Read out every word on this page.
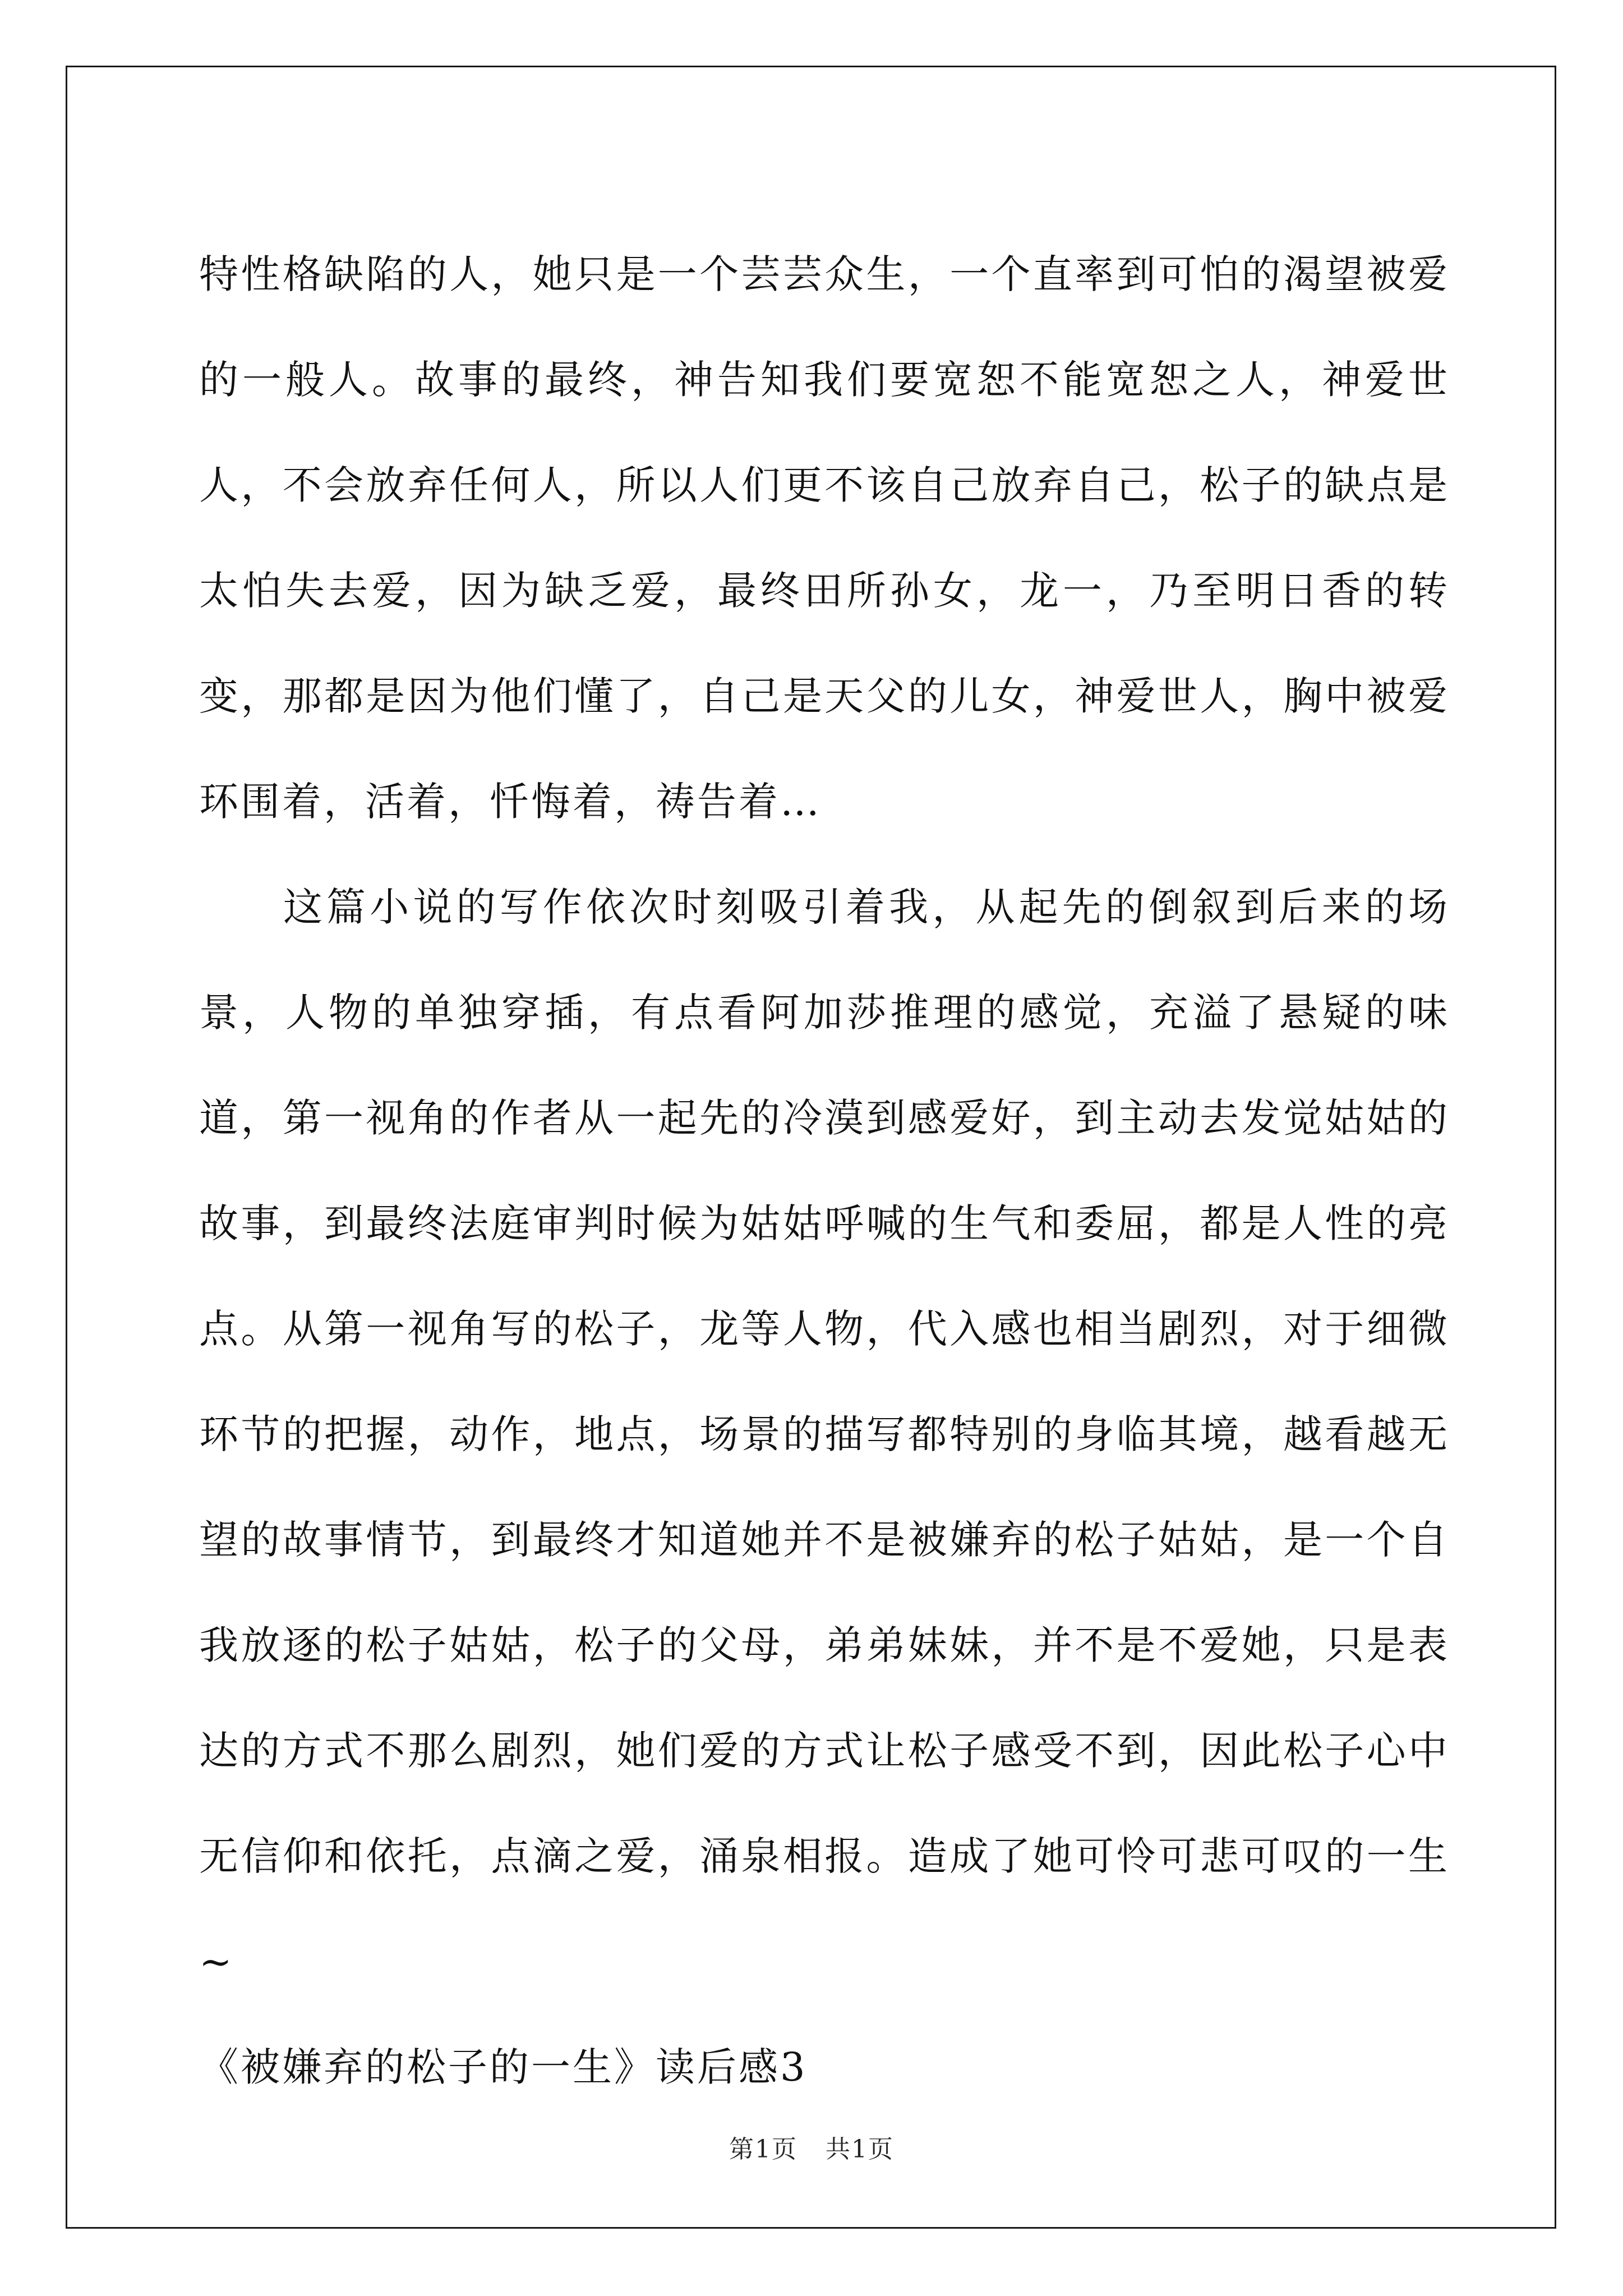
特性格缺陷的人，她只是一个芸芸众生，一个直率到可怕的渴望被爱的一般人。故事的最终，神告知我们要宽恕不能宽恕之人，神爱世人，不会放弃任何人，所以人们更不该自己放弃自己，松子的缺点是太怕失去爱，因为缺乏爱，最终田所孙女，龙一，乃至明日香的转变，那都是因为他们懂了，自己是天父的儿女，神爱世人，胸中被爱环围着，活着，忏悔着，祷告着…

这篇小说的写作依次时刻吸引着我，从起先的倒叙到后来的场景，人物的单独穿插，有点看阿加莎推理的感觉，充溢了悬疑的味道，第一视角的作者从一起先的冷漠到感爱好，到主动去发觉姑姑的故事，到最终法庭审判时候为姑姑呼喊的生气和委屈，都是人性的亮点。从第一视角写的松子，龙等人物，代入感也相当剧烈，对于细微环节的把握，动作，地点，场景的描写都特别的身临其境，越看越无望的故事情节，到最终才知道她并不是被嫌弃的松子姑姑，是一个自我放逐的松子姑姑，松子的父母，弟弟妹妹，并不是不爱她，只是表达的方式不那么剧烈，她们爱的方式让松子感受不到，因此松子心中无信仰和依托，点滴之爱，涌泉相报。造成了她可怜可悲可叹的一生~

《被嫌弃的松子的一生》读后感3

第1页 共1页
